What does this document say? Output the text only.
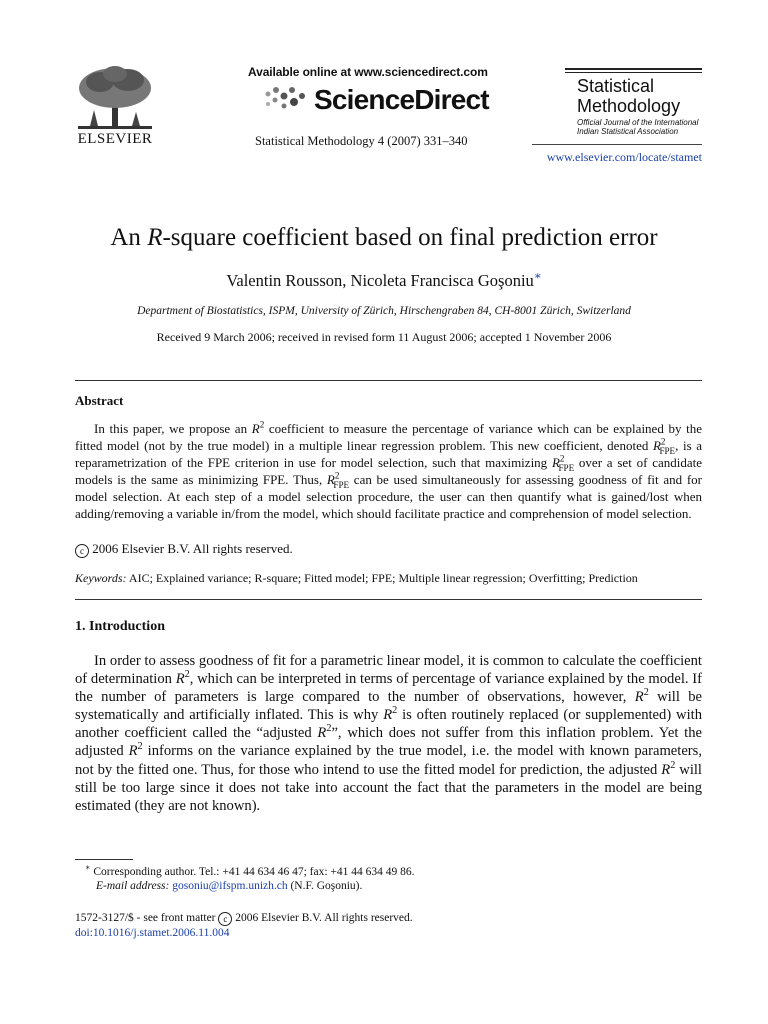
ELSEVIER
Available online at www.sciencedirect.com
ScienceDirect
Statistical Methodology 4 (2007) 331–340
Statistical
Methodology
Official Journal of the International
Indian Statistical Association
www.elsevier.com/locate/stamet
An R-square coefficient based on final prediction error
Valentin Rousson, Nicoleta Francisca Goşoniu∗
Department of Biostatistics, ISPM, University of Zürich, Hirschengraben 84, CH-8001 Zürich, Switzerland
Received 9 March 2006; received in revised form 11 August 2006; accepted 1 November 2006
Abstract
In this paper, we propose an $R^2$ coefficient to measure the percentage of variance which can be explained by the fitted model (not by the true model) in a multiple linear regression problem. This new coefficient, denoted $R^2_{FPE}$, is a reparametrization of the FPE criterion in use for model selection, such that maximizing $R^2_{FPE}$ over a set of candidate models is the same as minimizing FPE. Thus, $R^2_{FPE}$ can be used simultaneously for assessing goodness of fit and for model selection. At each step of a model selection procedure, the user can then quantify what is gained/lost when adding/removing a variable in/from the model, which should facilitate practice and comprehension of model selection.
c 2006 Elsevier B.V. All rights reserved.
Keywords: AIC; Explained variance; R-square; Fitted model; FPE; Multiple linear regression; Overfitting; Prediction
1. Introduction
In order to assess goodness of fit for a parametric linear model, it is common to calculate the coefficient of determination $R^2$, which can be interpreted in terms of percentage of variance explained by the model. If the number of parameters is large compared to the number of observations, however, $R^2$ will be systematically and artificially inflated. This is why $R^2$ is often routinely replaced (or supplemented) with another coefficient called the “adjusted $R^2$”, which does not suffer from this inflation problem. Yet the adjusted $R^2$ informs on the variance explained by the true model, i.e. the model with known parameters, not by the fitted one. Thus, for those who intend to use the fitted model for prediction, the adjusted $R^2$ will still be too large since it does not take into account the fact that the parameters in the model are being estimated (they are not known).
∗ Corresponding author. Tel.: +41 44 634 46 47; fax: +41 44 634 49 86.
E-mail address: gosoniu@ifspm.unizh.ch (N.F. Goşoniu).
1572-3127/$ - see front matter c 2006 Elsevier B.V. All rights reserved.
doi:10.1016/j.stamet.2006.11.004
